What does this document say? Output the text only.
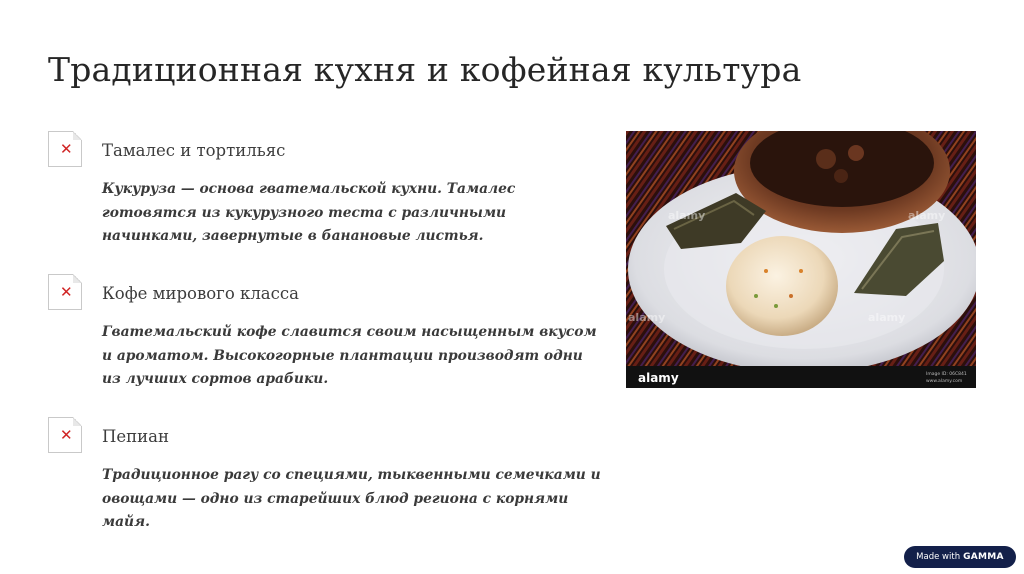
Традиционная кухня и кофейная культура
✕ Тамалес и тортильяс
Кукуруза — основа гватемальской кухни. Тамалес готовятся из кукурузного теста с различными начинками, завернутые в банановые листья.
✕ Кофе мирового класса
Гватемальский кофе славится своим насыщенным вкусом и ароматом. Высокогорные плантации производят одни из лучших сортов арабики.
✕ Пепиан
Традиционное рагу со специями, тыквенными семечками и овощами — одно из старейших блюд региона с корнями майя.
alamy	alamy
alamy
alamy
alamy	Image ID: 06C841
www.alamy.com
Made with GAMMA
